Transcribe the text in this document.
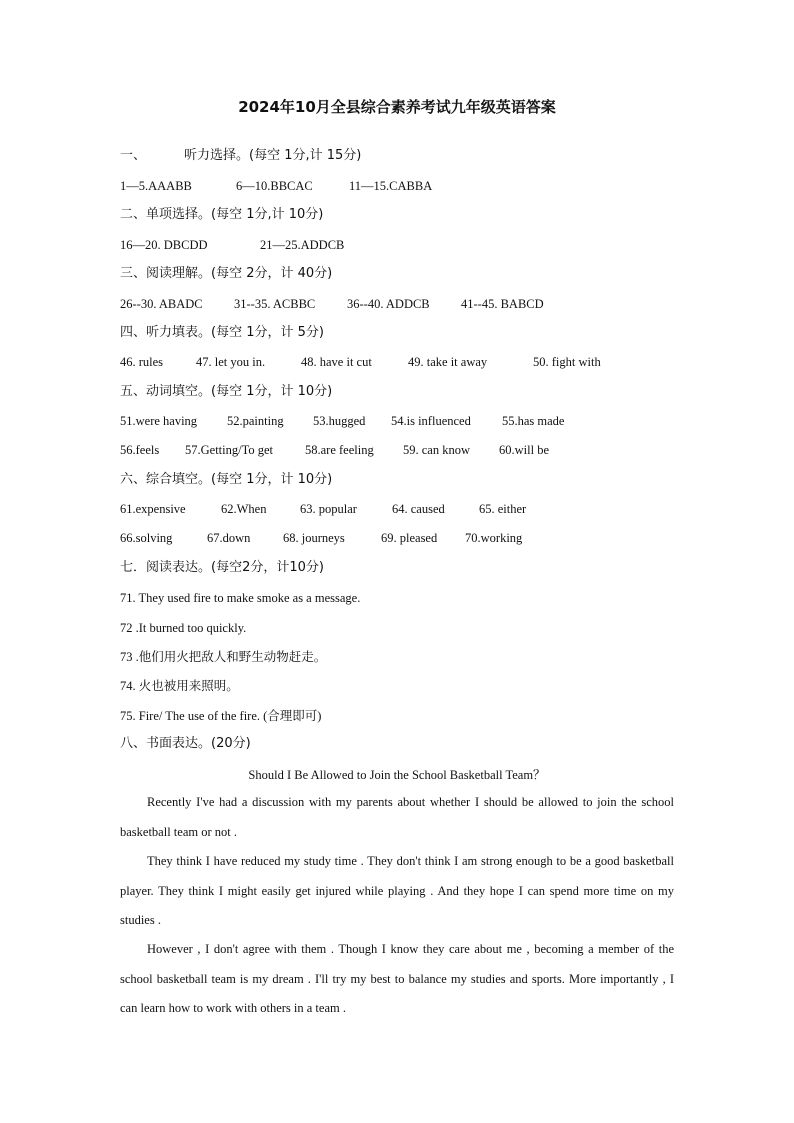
2024年10月全县综合素养考试九年级英语答案
一、	听力选择。(每空 1分,计 15分)
1—5.AAABB	6—10.BBCAC	11—15.CABBA
二、单项选择。(每空 1分,计 10分)
16—20. DBCDD	21—25.ADDCB
三、阅读理解。(每空 2分，计 40分)
26--30. ABADC	31--35. ACBBC	36--40. ADDCB	41--45. BABCD
四、听力填表。(每空 1分，计 5分)
46. rules	47. let you in.	48. have it cut	49. take it away	50. fight with
五、动词填空。(每空 1分，计 10分)
51.were having 52.painting 53.hugged 54.is influenced 55.has made
56.feels 57.Getting/To get	58.are feeling 59. can know 60.will be
六、综合填空。(每空 1分，计 10分)
61.expensive	62.When	63. popular	64. caused	65. either
66.solving	67.down	68. journeys	69. pleased 70.working
七．阅读表达。(每空2分，计10分)
71. They used fire to make smoke as a message.
72 .It burned too quickly.
73 .他们用火把敌人和野生动物赶走。
74. 火也被用来照明。
75. Fire/ The use of the fire. (合理即可)
八、书面表达。(20分)
Should I Be Allowed to Join the School Basketball Team？
Recently I've had a discussion with my parents about whether I should be allowed to join the school basketball team or not .
They think I have reduced my study time . They don't think I am strong enough to be a good basketball player. They think I might easily get injured while playing . And they hope I can spend more time on my studies .
However , I don't agree with them . Though I know they care about me , becoming a member of the school basketball team is my dream . I'll try my best to balance my studies and sports. More importantly , I can learn how to work with others in a team .
